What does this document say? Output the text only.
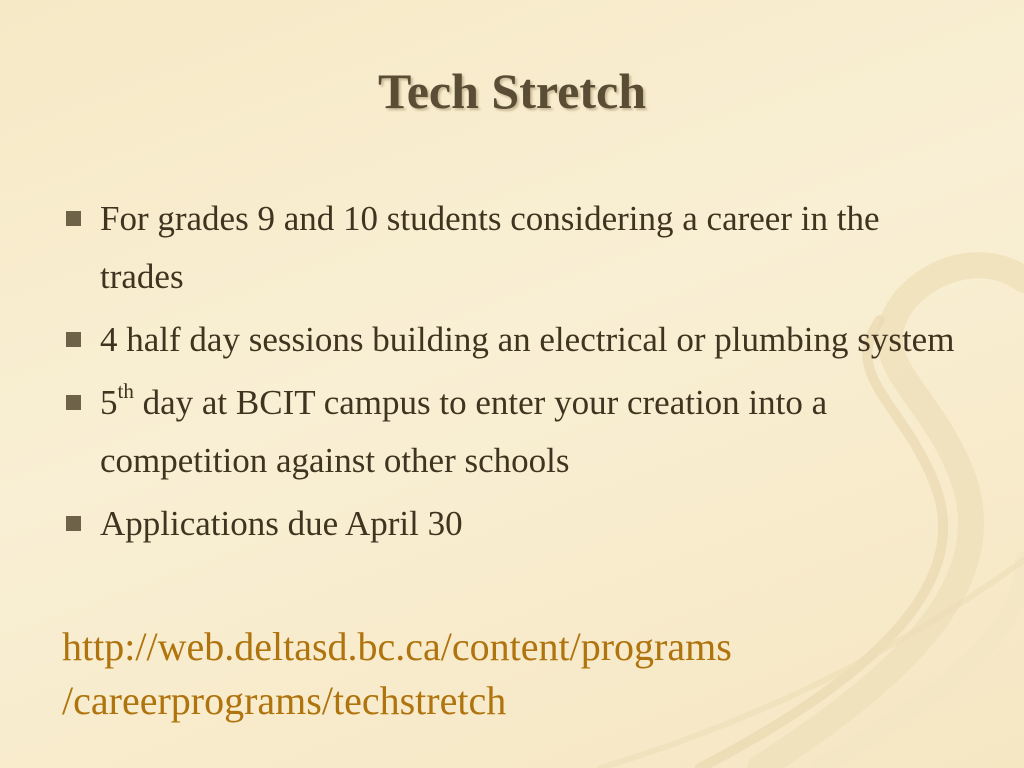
Tech Stretch
For grades 9 and 10 students considering a career in the trades
4 half day sessions building an electrical or plumbing system
5th day at BCIT campus to enter your creation into a competition against other schools
Applications due April 30

http://web.deltasd.bc.ca/content/programs
/careerprograms/techstretch
